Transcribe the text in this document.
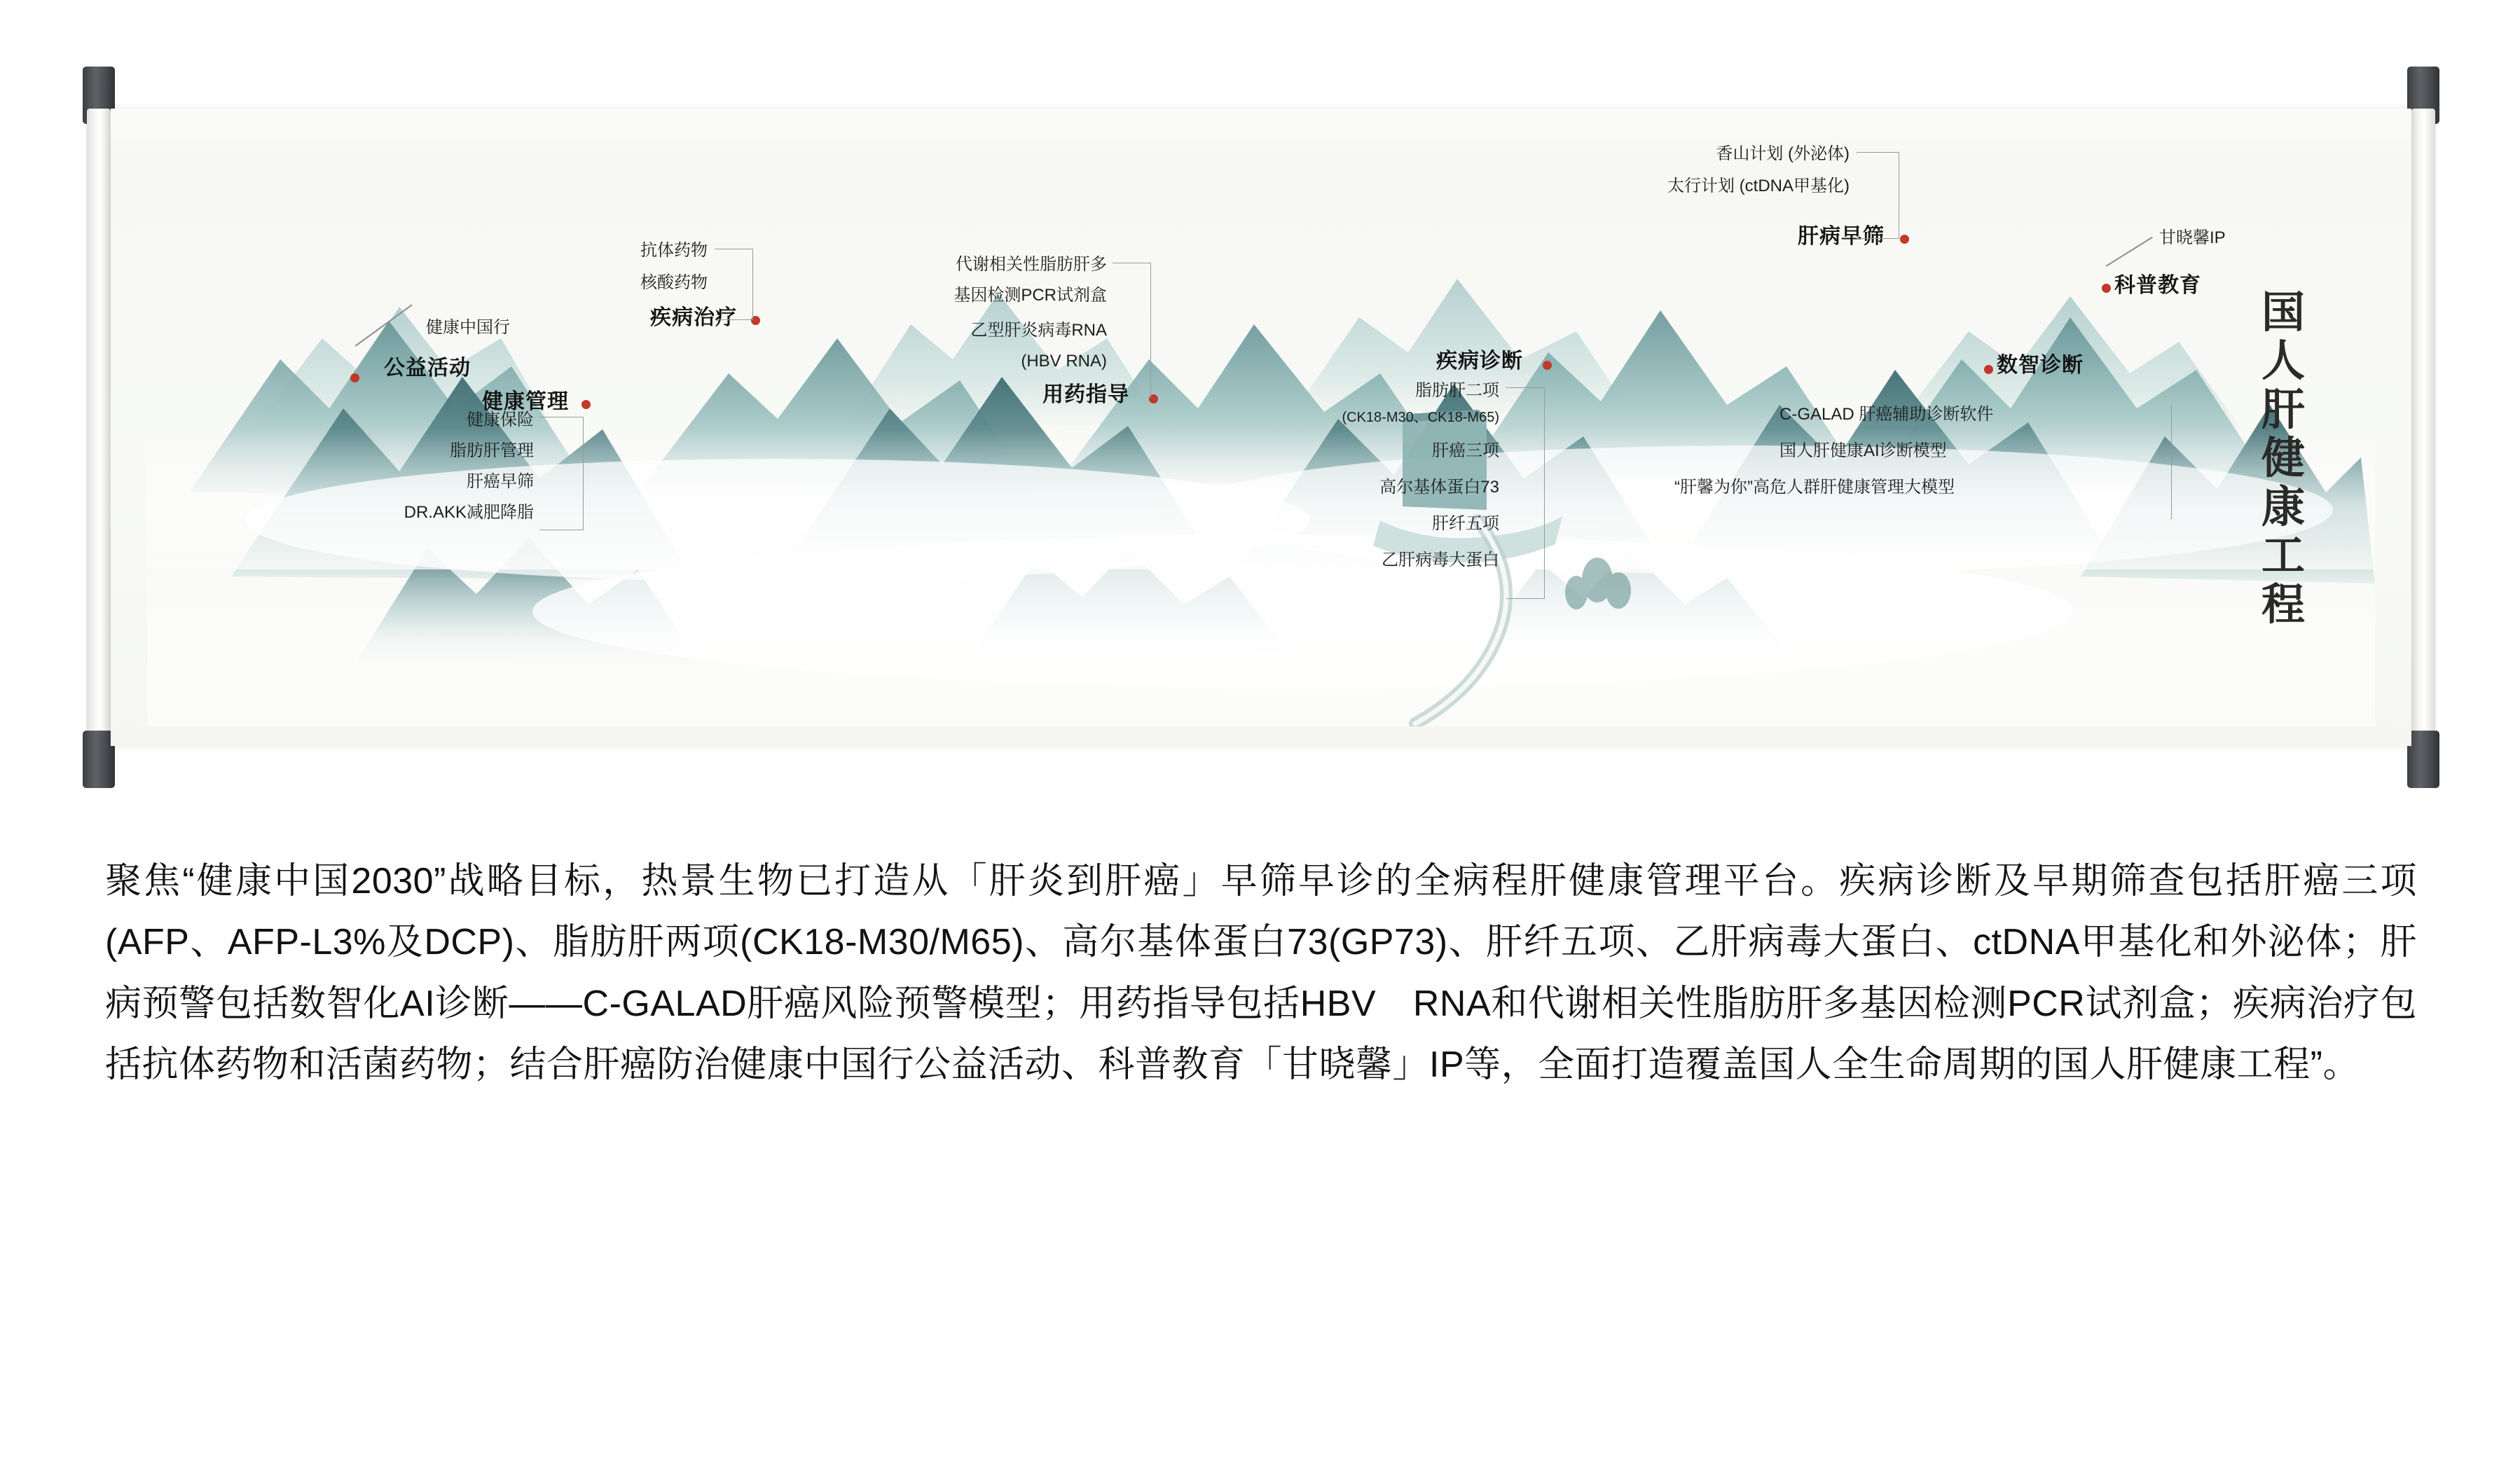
健康中国行
公益活动
健康管理
健康保险
脂肪肝管理
肝癌早筛
DR.AKK减肥降脂
疾病治疗
抗体药物
核酸药物
用药指导
代谢相关性脂肪肝多
基因检测PCR试剂盒
乙型肝炎病毒RNA
(HBV RNA)	疾病诊断
脂肪肝二项
(CK18-M30、CK18-M65)
肝癌三项
高尔基体蛋白73
肝纤五项
乙肝病毒大蛋白
肝病早筛
香山计划 (外泌体)
太行计划 (ctDNA甲基化)
数智诊断
C-GALAD 肝癌辅助诊断软件
国人肝健康AI诊断模型
“肝馨为你”高危人群肝健康管理大模型
科普教育
甘晓馨IP
国
人
肝
健
康
工
程
聚焦“健康中国2030”战略目标，热景生物已打造从「肝炎到肝癌」早筛早诊的全病程肝健康管理平台。疾病诊断及早期筛查包括肝癌三项(AFP、AFP-L3%及DCP)、脂肪肝两项(CK18-M30/M65)、高尔基体蛋白73(GP73)、肝纤五项、乙肝病毒大蛋白、ctDNA甲基化和外泌体；肝病预警包括数智化AI诊断——C-GALAD肝癌风险预警模型；用药指导包括HBV　RNA和代谢相关性脂肪肝多基因检测PCR试剂盒；疾病治疗包括抗体药物和活菌药物；结合肝癌防治健康中国行公益活动、科普教育「甘晓馨」IP等，全面打造覆盖国人全生命周期的国人肝健康工程”。
